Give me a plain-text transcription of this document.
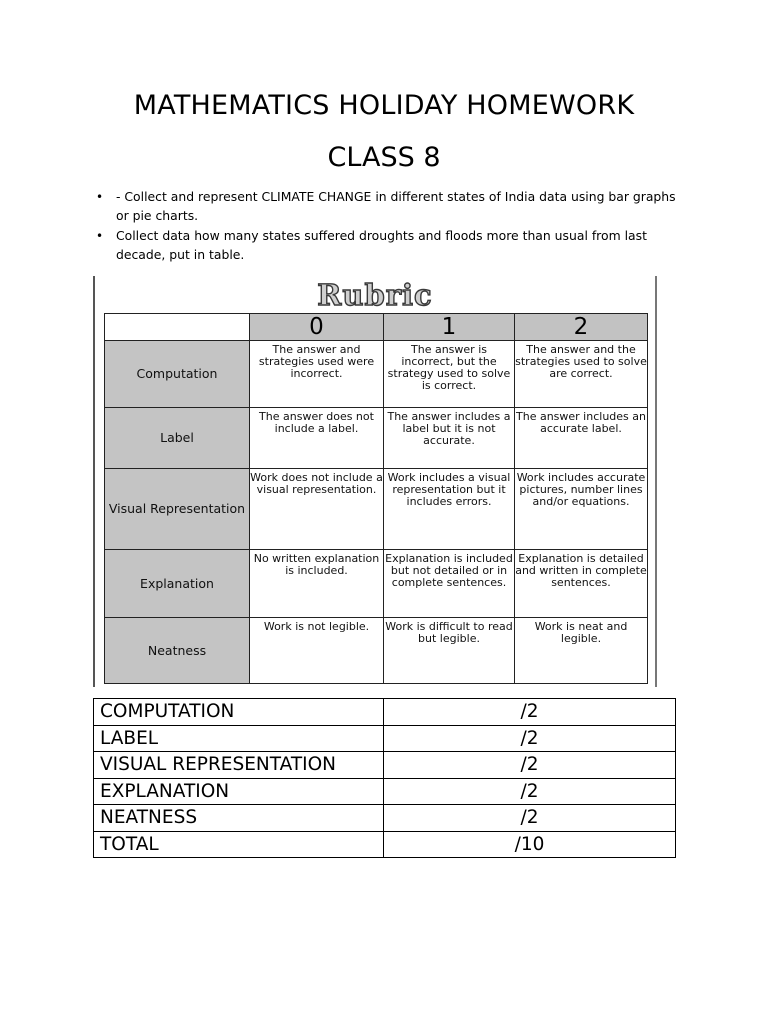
MATHEMATICS HOLIDAY HOMEWORK
CLASS 8
• - Collect and represent CLIMATE CHANGE in different states of India data using bar graphs or pie charts.
• Collect data how many states suffered droughts and floods more than usual from last decade, put in table.
Rubric
	0	1	2
Computation	The answer and strategies used were incorrect.	The answer is incorrect, but the strategy used to solve is correct.	The answer and the strategies used to solve are correct.
Label	The answer does not include a label.	The answer includes a label but it is not accurate.	The answer includes an accurate label.
Visual Representation	Work does not include a visual representation.	Work includes a visual representation but it includes errors.	Work includes accurate pictures, number lines and/or equations.
Explanation	No written explanation is included.	Explanation is included but not detailed or in complete sentences.	Explanation is detailed and written in complete sentences.
Neatness	Work is not legible.	Work is difficult to read but legible.	Work is neat and legible.
COMPUTATION	/2
LABEL	/2
VISUAL REPRESENTATION	/2
EXPLANATION	/2
NEATNESS	/2
TOTAL	/10
